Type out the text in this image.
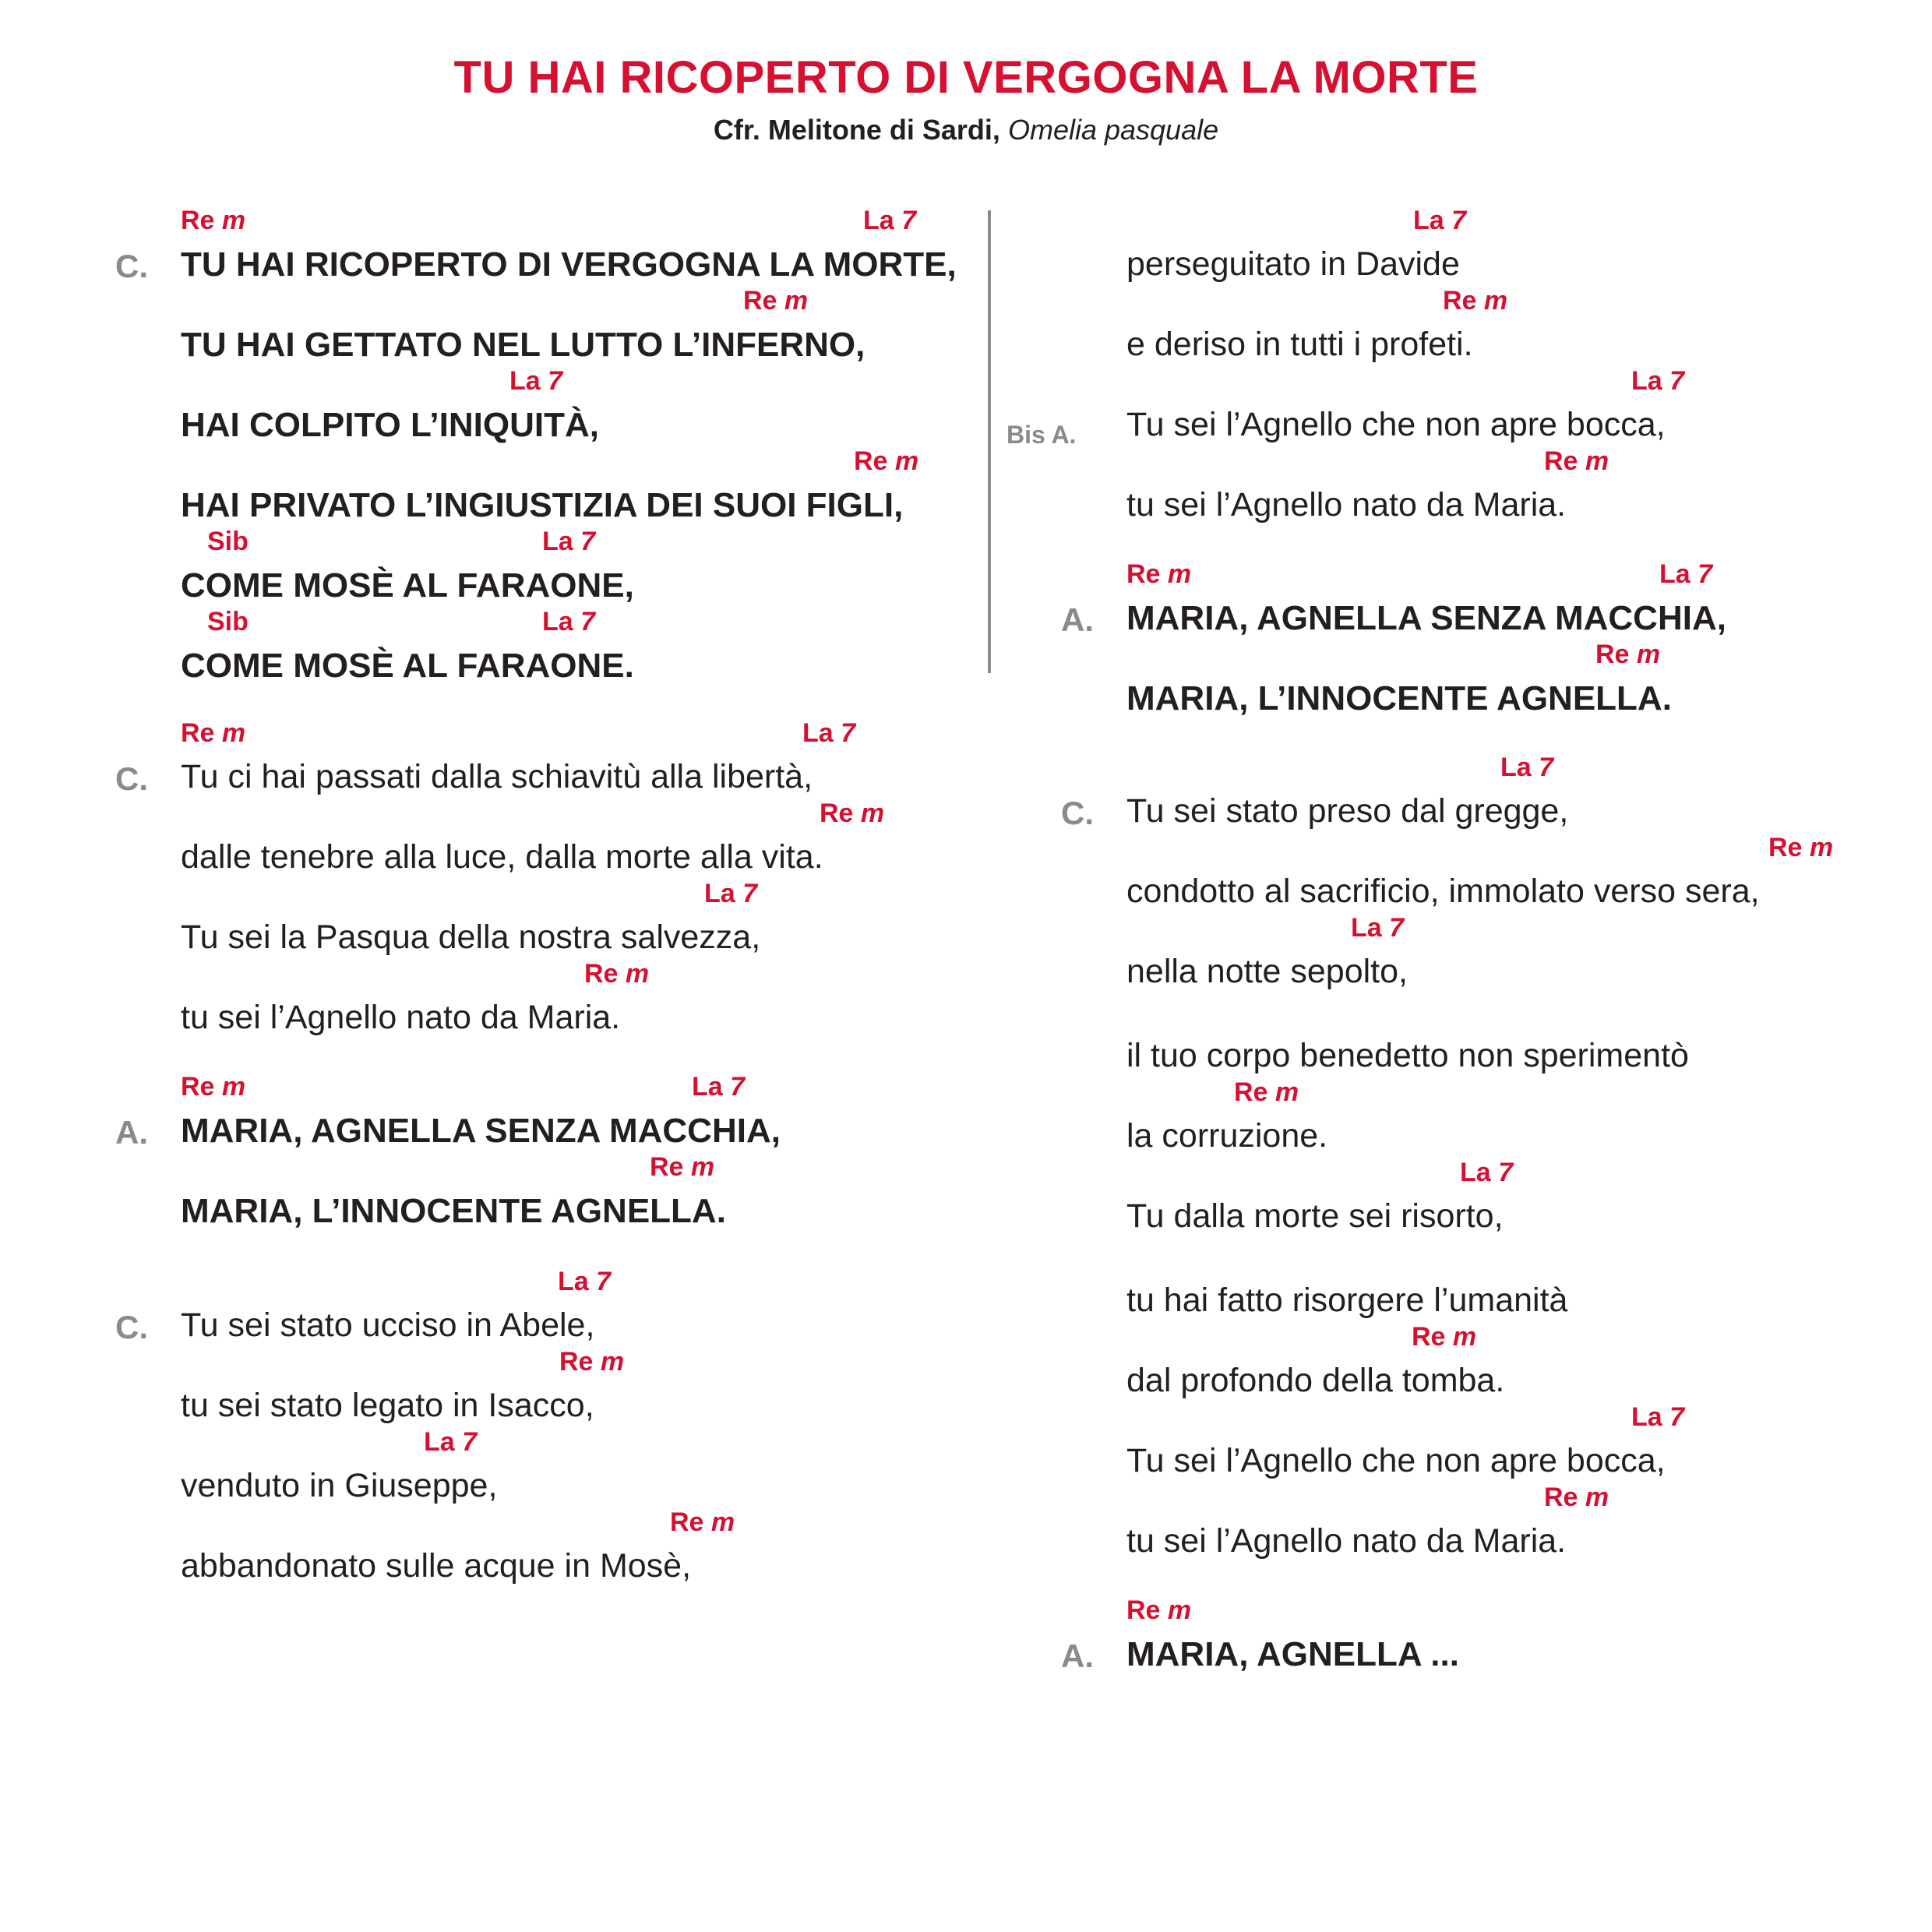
TU HAI RICOPERTO DI VERGOGNA LA MORTE
Cfr. Melitone di Sardi, Omelia pasquale
C.
Re m	La 7
TU HAI RICOPERTO DI VERGOGNA LA MORTE,
Re m
TU HAI GETTATO NEL LUTTO L’INFERNO,
La 7
HAI COLPITO L’INIQUITÀ,
Re m
HAI PRIVATO L’INGIUSTIZIA DEI SUOI FIGLI,
Sib	La 7
COME MOSÈ AL FARAONE,
Sib	La 7
COME MOSÈ AL FARAONE.
C.
Re m	La 7
Tu ci hai passati dalla schiavitù alla libertà,
Re m
dalle tenebre alla luce, dalla morte alla vita.
La 7
Tu sei la Pasqua della nostra salvezza,
Re m
tu sei l’Agnello nato da Maria.
A.
Re m	La 7
MARIA, AGNELLA SENZA MACCHIA,
Re m
MARIA, L’INNOCENTE AGNELLA.
C.
La 7
Tu sei stato ucciso in Abele,
Re m
tu sei stato legato in Isacco,
La 7
venduto in Giuseppe,
Re m
abbandonato sulle acque in Mosè,
La 7
perseguitato in Davide
Re m
e deriso in tutti i profeti.
Bis A.
La 7
Tu sei l’Agnello che non apre bocca,
Re m
tu sei l’Agnello nato da Maria.
A.
Re m	La 7
MARIA, AGNELLA SENZA MACCHIA,
Re m
MARIA, L’INNOCENTE AGNELLA.
C.
La 7
Tu sei stato preso dal gregge,
Re m
condotto al sacrificio, immolato verso sera,
La 7
nella notte sepolto,
il tuo corpo benedetto non sperimentò
Re m
la corruzione.
La 7
Tu dalla morte sei risorto,
tu hai fatto risorgere l’umanità
Re m
dal profondo della tomba.
La 7
Tu sei l’Agnello che non apre bocca,
Re m
tu sei l’Agnello nato da Maria.
A.
Re m
MARIA, AGNELLA ...
